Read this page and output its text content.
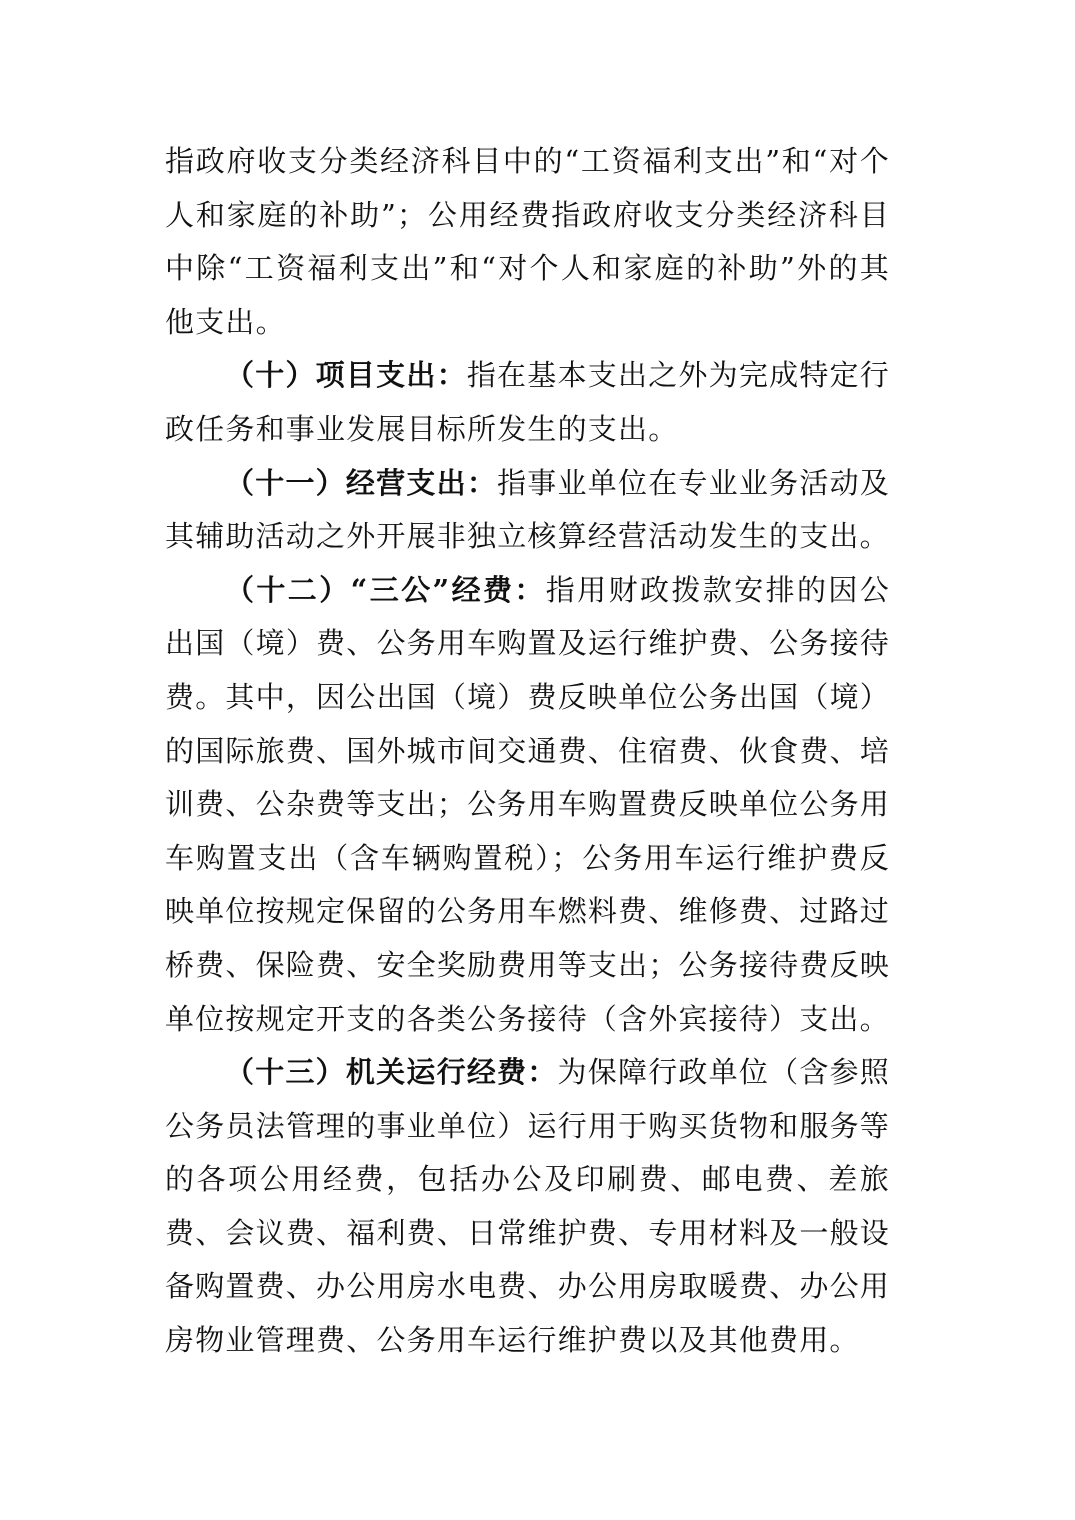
指政府收支分类经济科目中的“工资福利支出”和“对个人和家庭的补助”；公用经费指政府收支分类经济科目中除“工资福利支出”和“对个人和家庭的补助”外的其他支出。

（十）项目支出：指在基本支出之外为完成特定行政任务和事业发展目标所发生的支出。

（十一）经营支出：指事业单位在专业业务活动及其辅助活动之外开展非独立核算经营活动发生的支出。

（十二）“三公”经费：指用财政拨款安排的因公出国（境）费、公务用车购置及运行维护费、公务接待费。其中，因公出国（境）费反映单位公务出国（境）的国际旅费、国外城市间交通费、住宿费、伙食费、培训费、公杂费等支出；公务用车购置费反映单位公务用车购置支出（含车辆购置税）；公务用车运行维护费反映单位按规定保留的公务用车燃料费、维修费、过路过桥费、保险费、安全奖励费用等支出；公务接待费反映单位按规定开支的各类公务接待（含外宾接待）支出。

（十三）机关运行经费：为保障行政单位（含参照公务员法管理的事业单位）运行用于购买货物和服务等的各项公用经费，包括办公及印刷费、邮电费、差旅费、会议费、福利费、日常维护费、专用材料及一般设备购置费、办公用房水电费、办公用房取暖费、办公用房物业管理费、公务用车运行维护费以及其他费用。
